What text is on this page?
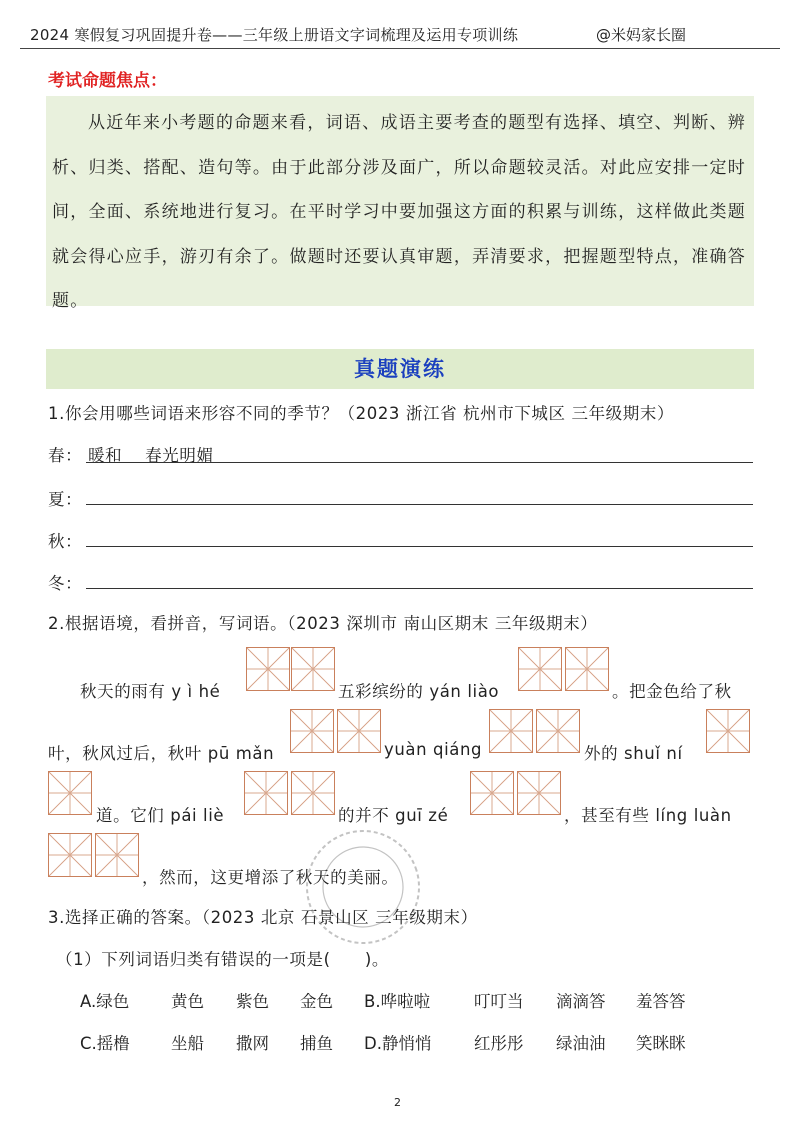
2024 寒假复习巩固提升卷——三年级上册语文字词梳理及运用专项训练	@米妈家长圈
考试命题焦点：

从近年来小考题的命题来看，词语、成语主要考查的题型有选择、填空、判断、辨析、归类、搭配、造句等。由于此部分涉及面广，所以命题较灵活。对此应安排一定时间，全面、系统地进行复习。在平时学习中要加强这方面的积累与训练，这样做此类题就会得心应手，游刃有余了。做题时还要认真审题，弄清要求，把握题型特点，准确答题。

真题演练
1.你会用哪些词语来形容不同的季节？（2023 浙江省 杭州市下城区 三年级期末）
春： 暖和　 春光明媚
夏：
秋：
冬：
2.根据语境，看拼音，写词语。（2023 深圳市 南山区期末 三年级期末）
秋天的雨有 y ì hé	五彩缤纷的 yán liào	。把金色给了秋
叶，秋风过后，秋叶 pū mǎn	yuàn qiáng	外的 shuǐ ní
道。它们 pái liè	的并不 guī zé	，甚至有些 líng luàn
，然而，这更增添了秋天的美丽。
3.选择正确的答案。（2023 北京 石景山区 三年级期末）
（1）下列词语归类有错误的一项是(　　)。
A.绿色	黄色 紫色 金色 B.哗啦啦	叮叮当 滴滴答 羞答答
C.摇橹 坐船 撒网 捕鱼 D.静悄悄	红彤彤 绿油油 笑眯眯
2
